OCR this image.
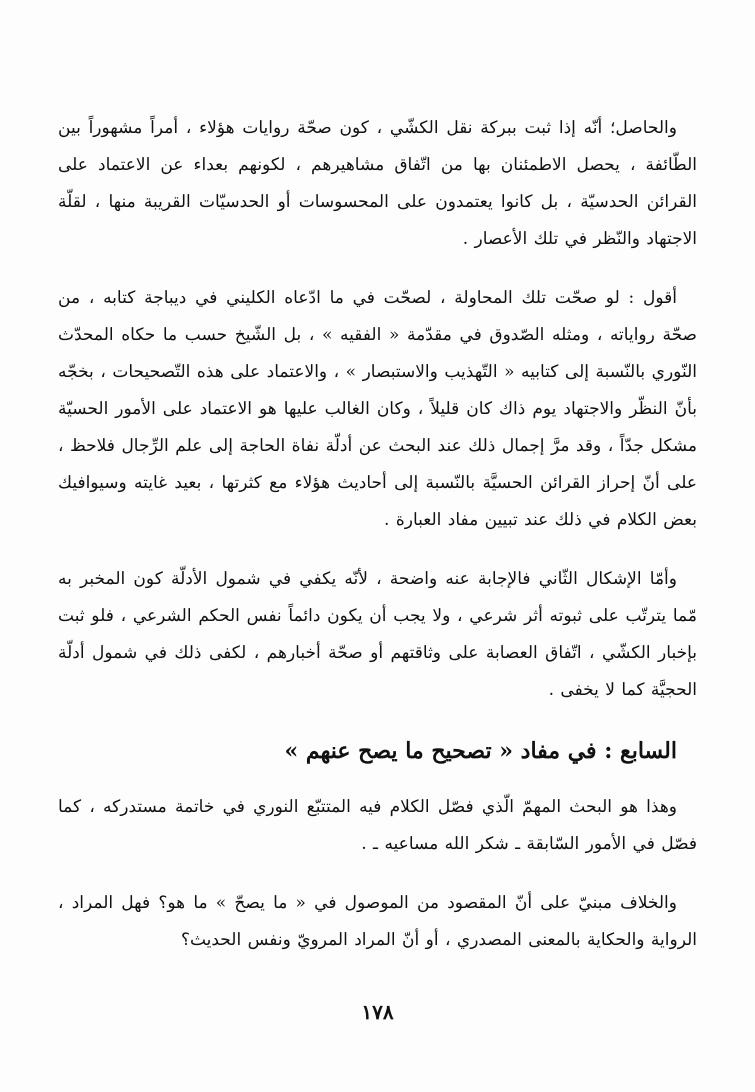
والحاصل؛ أنّه إذا ثبت ببركة نقل الكشّي ، كون صحّة روايات هؤلاء ، أمراً مشهوراً بين الطّائفة ، يحصل الاطمئنان بها من اتّفاق مشاهيرهم ، لكونهم بعداء عن الاعتماد على القرائن الحدسيّة ، بل كانوا يعتمدون على المحسوسات أو الحدسيّات القريبة منها ، لقلّة الاجتهاد والنّظر في تلك الأعصار .

أقول : لو صحّت تلك المحاولة ، لصحّت في ما ادّعاه الكليني في ديباجة كتابه ، من صحّة رواياته ، ومثله الصّدوق في مقدّمة « الفقيه » ، بل الشّيخ حسب ما حكاه المحدّث النّوري بالنّسبة إلى كتابيه « التّهذيب والاستبصار » ، والاعتماد على هذه التّصحيحات ، بخجّه بأنّ النظّر والاجتهاد يوم ذاك كان قليلاً ، وكان الغالب عليها هو الاعتماد على الأمور الحسيّة مشكل جدّاً ، وقد مرَّ إجمال ذلك عند البحث عن أدلّة نفاة الحاجة إلى علم الرِّجال فلاحظ ، على أنّ إحراز القرائن الحسيَّة بالنّسبة إلى أحاديث هؤلاء مع كثرتها ، بعيد غايته وسيوافيك بعض الكلام في ذلك عند تبيين مفاد العبارة .

وأمّا الإشكال الثّاني فالإجابة عنه واضحة ، لأنّه يكفي في شمول الأدلّة كون المخبر به مّما يترتّب على ثبوته أثر شرعي ، ولا يجب أن يكون دائماً نفس الحكم الشرعي ، فلو ثبت بإخبار الكشّي ، اتّفاق العصابة على وثاقتهم أو صحّة أخبارهم ، لكفى ذلك في شمول أدلّة الحجيَّة كما لا يخفى .

السابع : في مفاد « تصحيح ما يصح عنهم »

وهذا هو البحث المهمّ الّذي فصّل الكلام فيه المتتبّع النوري في خاتمة مستدركه ، كما فصّل في الأمور السّابقة ـ شكر الله مساعيه ـ .

والخلاف مبنيّ على أنّ المقصود من الموصول في « ما يصحّ » ما هو؟ فهل المراد ، الرواية والحكاية بالمعنى المصدري ، أو أنّ المراد المرويّ ونفس الحديث؟

١٧٨
